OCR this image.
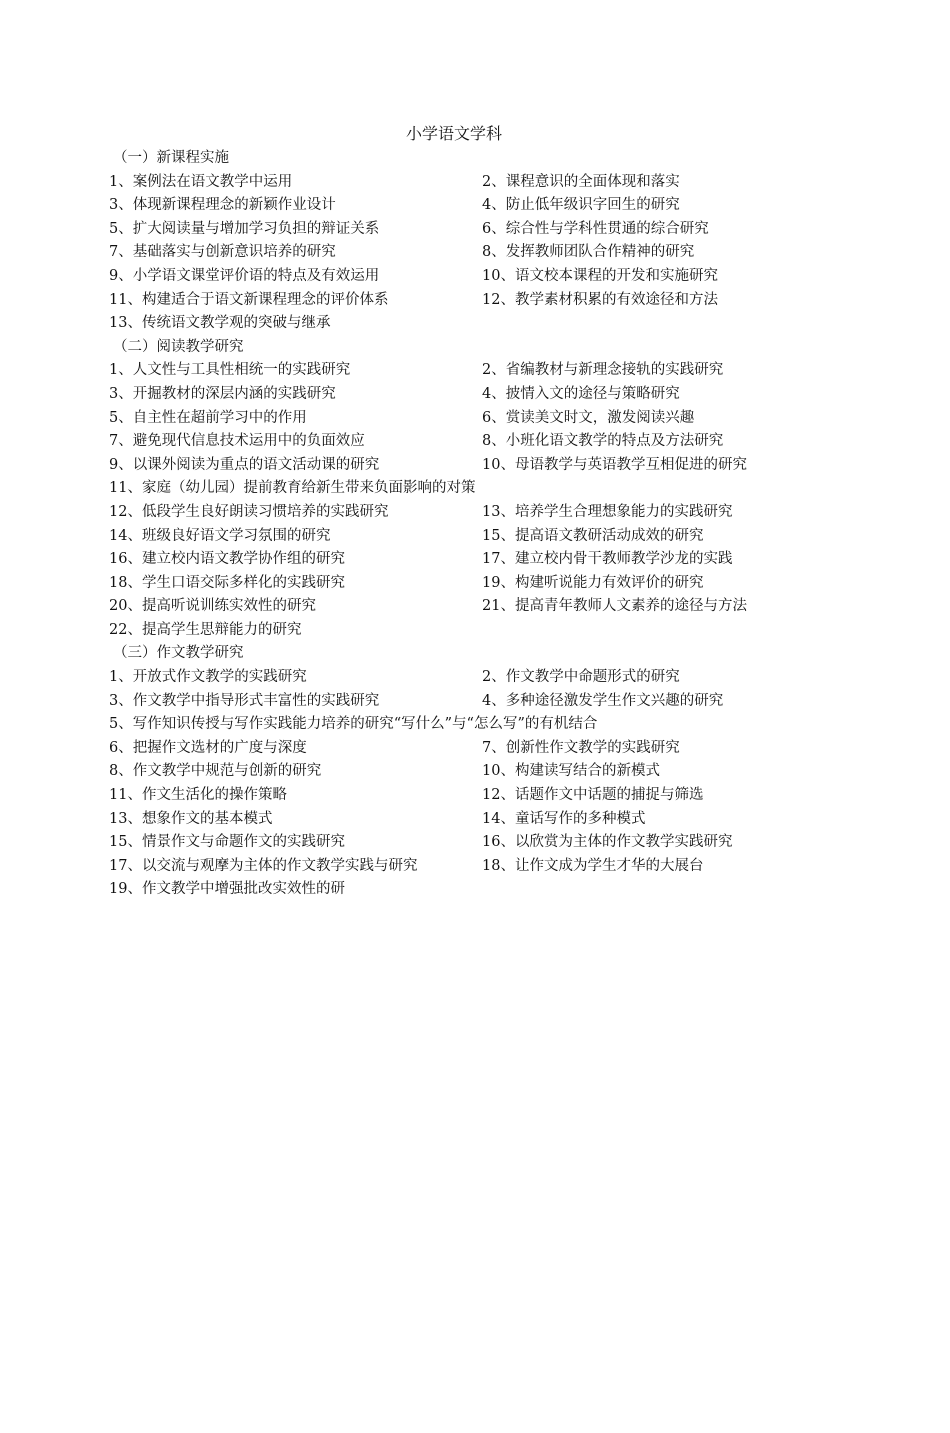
小学语文学科
（一）新课程实施
1、案例法在语文教学中运用	2、课程意识的全面体现和落实
3、体现新课程理念的新颖作业设计	4、防止低年级识字回生的研究
5、扩大阅读量与增加学习负担的辩证关系	6、综合性与学科性贯通的综合研究
7、基础落实与创新意识培养的研究	8、发挥教师团队合作精神的研究
9、小学语文课堂评价语的特点及有效运用	10、语文校本课程的开发和实施研究
11、构建适合于语文新课程理念的评价体系	12、教学素材积累的有效途径和方法
13、传统语文教学观的突破与继承
（二）阅读教学研究
1、人文性与工具性相统一的实践研究	2、省编教材与新理念接轨的实践研究
3、开掘教材的深层内涵的实践研究	4、披情入文的途径与策略研究
5、自主性在超前学习中的作用	6、赏读美文时文，激发阅读兴趣
7、避免现代信息技术运用中的负面效应	8、小班化语文教学的特点及方法研究
9、以课外阅读为重点的语文活动课的研究	10、母语教学与英语教学互相促进的研究
11、家庭（幼儿园）提前教育给新生带来负面影响的对策
12、低段学生良好朗读习惯培养的实践研究	13、培养学生合理想象能力的实践研究
14、班级良好语文学习氛围的研究	15、提高语文教研活动成效的研究
16、建立校内语文教学协作组的研究	17、建立校内骨干教师教学沙龙的实践
18、学生口语交际多样化的实践研究	19、构建听说能力有效评价的研究
20、提高听说训练实效性的研究	21、提高青年教师人文素养的途径与方法
22、提高学生思辩能力的研究
（三）作文教学研究
1、开放式作文教学的实践研究	2、作文教学中命题形式的研究
3、作文教学中指导形式丰富性的实践研究	4、多种途径激发学生作文兴趣的研究
5、写作知识传授与写作实践能力培养的研究“写什么”与“怎么写”的有机结合
6、把握作文选材的广度与深度	7、创新性作文教学的实践研究
8、作文教学中规范与创新的研究	10、构建读写结合的新模式
11、作文生活化的操作策略	12、话题作文中话题的捕捉与筛选
13、想象作文的基本模式	14、童话写作的多种模式
15、情景作文与命题作文的实践研究	16、以欣赏为主体的作文教学实践研究
17、以交流与观摩为主体的作文教学实践与研究	18、让作文成为学生才华的大展台
19、作文教学中增强批改实效性的研
